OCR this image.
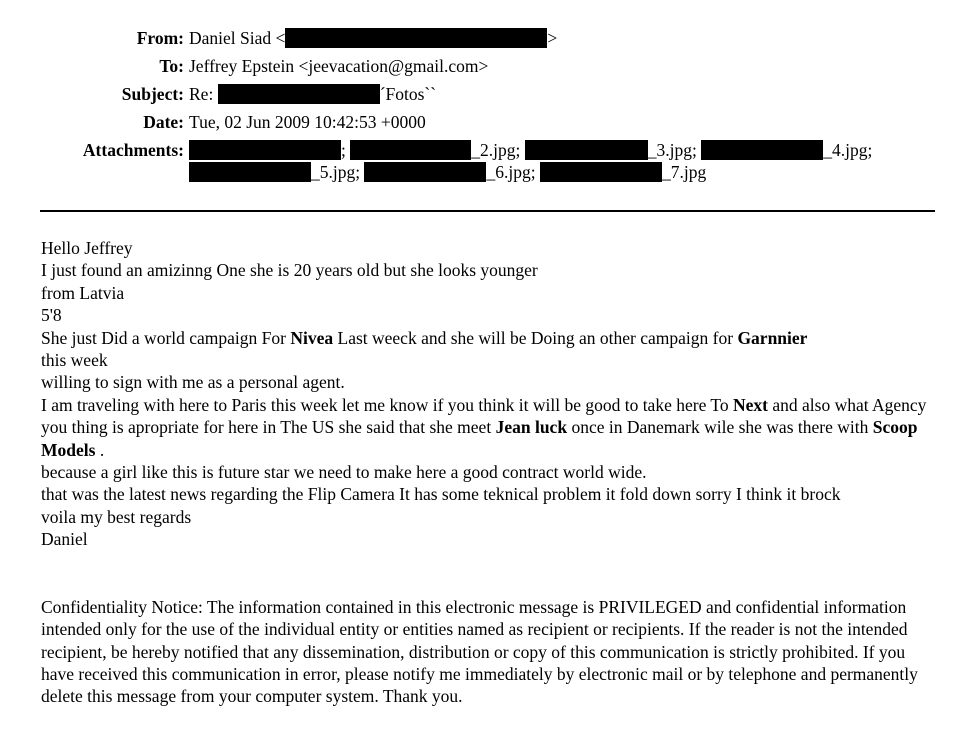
From: Daniel Siad <	>
To: Jeffrey Epstein <jeevacation@gmail.com>
Subject: Re:	´Fotos``
Date: Tue, 02 Jun 2009 10:42:53 +0000
Attachments:	;	_2.jpg;	_3.jpg;	_4.jpg;
_5.jpg;	_6.jpg;	_7.jpg

Hello Jeffrey

I just found an amizinng One she is 20 years old but she looks younger

from Latvia

5'8

She just Did a world campaign For Nivea Last weeck and she will be Doing an other campaign for Garnnier
this week

willing to sign with me as a personal agent.

I am traveling with here to Paris this week let me know if you think it will be good to take here To Next and also what Agency you thing is apropriate for here in The US she said that she meet Jean luck once in Danemark wile she was there with Scoop Models .

because a girl like this is future star we need to make here a good contract world wide.

that was the latest news regarding the Flip Camera It has some teknical problem it fold down sorry I think it brock

voila my best regards

Daniel

Confidentiality Notice: The information contained in this electronic message is PRIVILEGED and confidential information intended only for the use of the individual entity or entities named as recipient or recipients. If the reader is not the intended recipient, be hereby notified that any dissemination, distribution or copy of this communication is strictly prohibited. If you have received this communication in error, please notify me immediately by electronic mail or by telephone and permanently delete this message from your computer system. Thank you.
